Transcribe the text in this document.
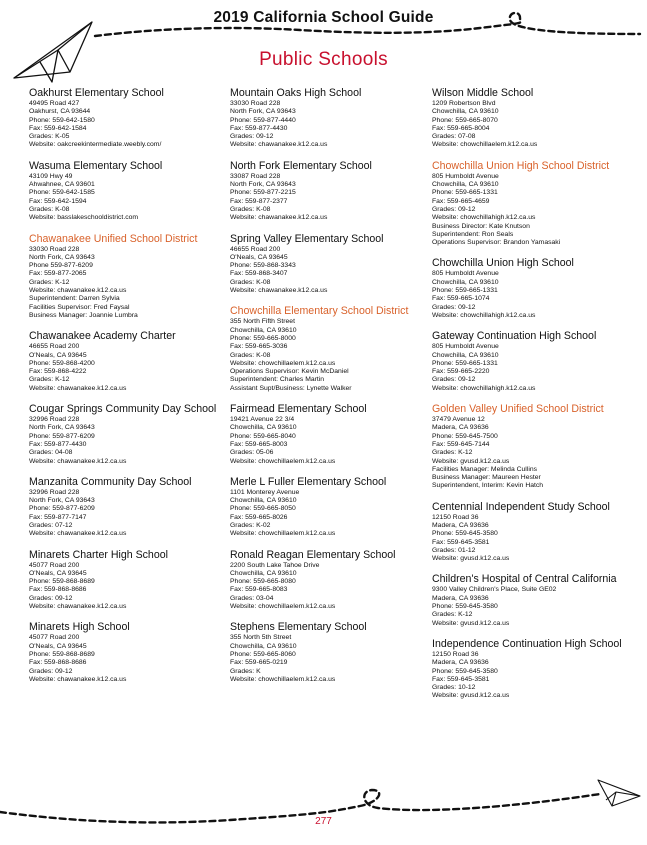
2019 California School Guide
Public Schools
Oakhurst Elementary School
49495 Road 427
Oakhurst, CA 93644
Phone: 559-642-1580
Fax: 559-642-1584
Grades: K-05
Website: oakcreekintermediate.weebly.com/
Wasuma Elementary School
43109 Hwy 49
Ahwahnee, CA 93601
Phone: 559-642-1585
Fax: 559-642-1594
Grades: K-08
Website: basslakeschooldistrict.com
Chawanakee Unified School District
33030 Road 228
North Fork, CA 93643
Phone 559-877-6209
Fax: 559-877-2065
Grades: K-12
Website: chawanakee.k12.ca.us
Superintendent: Darren Sylvia
Facilities Supervisor: Fred Faysal
Business Manager: Joannie Lumbra
Chawanakee Academy Charter
46655 Road 200
O'Neals, CA 93645
Phone: 559-868-4200
Fax: 559-868-4222
Grades: K-12
Website: chawanakee.k12.ca.us
Cougar Springs Community Day School
32996 Road 228
North Fork, CA 93643
Phone: 559-877-6209
Fax: 559-877-4430
Grades: 04-08
Website: chawanakee.k12.ca.us
Manzanita Community Day School
32996 Road 228
North Fork, CA 93643
Phone: 559-877-6209
Fax: 559-877-7147
Grades: 07-12
Website: chawanakee.k12.ca.us
Minarets Charter High School
45077 Road 200
O'Neals, CA 93645
Phone: 559-868-8689
Fax: 559-868-8686
Grades: 09-12
Website: chawanakee.k12.ca.us
Minarets High School
45077 Road 200
O'Neals, CA 93645
Phone: 559-868-8689
Fax: 559-868-8686
Grades: 09-12
Website: chawanakee.k12.ca.us
Mountain Oaks High School
33030 Road 228
North Fork, CA 93643
Phone: 559-877-4440
Fax: 559-877-4430
Grades: 09-12
Website: chawanakee.k12.ca.us
North Fork Elementary School
33087 Road 228
North Fork, CA 93643
Phone: 559-877-2215
Fax: 559-877-2377
Grades: K-08
Website: chawanakee.k12.ca.us
Spring Valley Elementary School
46655 Road 200
O'Neals, CA 93645
Phone: 559-868-3343
Fax: 559-868-3407
Grades: K-08
Website: chawanakee.k12.ca.us
Chowchilla Elementary School District
355 North Fifth Street
Chowchilla, CA 93610
Phone: 559-665-8000
Fax: 559-665-3036
Grades: K-08
Website: chowchillaelem.k12.ca.us
Operations Supervisor: Kevin McDaniel
Superintendent: Charles Martin
Assistant Supt/Business: Lynette Walker
Fairmead Elementary School
19421 Avenue 22 3/4
Chowchilla, CA 93610
Phone: 559-665-8040
Fax: 559-665-8003
Grades: 05-06
Website: chowchillaelem.k12.ca.us
Merle L Fuller Elementary School
1101 Monterey Avenue
Chowchilla, CA 93610
Phone: 559-665-8050
Fax: 559-665-8026
Grades: K-02
Website: chowchillaelem.k12.ca.us
Ronald Reagan Elementary School
2200 South Lake Tahoe Drive
Chowchilla, CA 93610
Phone: 559-665-8080
Fax: 559-665-8083
Grades: 03-04
Website: chowchillaelem.k12.ca.us
Stephens Elementary School
355 North 5th Street
Chowchilla, CA 93610
Phone: 559-665-8060
Fax: 559-665-0219
Grades: K
Website: chowchillaelem.k12.ca.us
Wilson Middle School
1209 Robertson Blvd
Chowchilla, CA 93610
Phone: 559-665-8070
Fax: 559-665-8004
Grades: 07-08
Website: chowchillaelem.k12.ca.us
Chowchilla Union High School District
805 Humboldt Avenue
Chowchilla, CA 93610
Phone: 559-665-1331
Fax: 559-665-4659
Grades: 09-12
Website: chowchillahigh.k12.ca.us
Business Director: Kate Knutson
Superintendent: Ron Seals
Operations Supervisor: Brandon Yamasaki
Chowchilla Union High School
805 Humboldt Avenue
Chowchilla, CA 93610
Phone: 559-665-1331
Fax: 559-665-1074
Grades: 09-12
Website: chowchillahigh.k12.ca.us
Gateway Continuation High School
805 Humboldt Avenue
Chowchilla, CA 93610
Phone: 559-665-1331
Fax: 559-665-2220
Grades: 09-12
Website: chowchillahigh.k12.ca.us
Golden Valley Unified School District
37479 Avenue 12
Madera, CA 93636
Phone: 559-645-7500
Fax: 559-645-7144
Grades: K-12
Website: gvusd.k12.ca.us
Facilities Manager: Melinda Cullins
Business Manager: Maureen Hester
Superintendent, Interim: Kevin Hatch
Centennial Independent Study School
12150 Road 36
Madera, CA 93636
Phone: 559-645-3580
Fax: 559-645-3581
Grades: 01-12
Website: gvusd.k12.ca.us
Children's Hospital of Central California
9300 Valley Children's Place, Suite GE02
Madera, CA 93636
Phone: 559-645-3580
Grades: K-12
Website: gvusd.k12.ca.us
Independence Continuation High School
12150 Road 36
Madera, CA 93636
Phone: 559-645-3580
Fax: 559-645-3581
Grades: 10-12
Website: gvusd.k12.ca.us
277
